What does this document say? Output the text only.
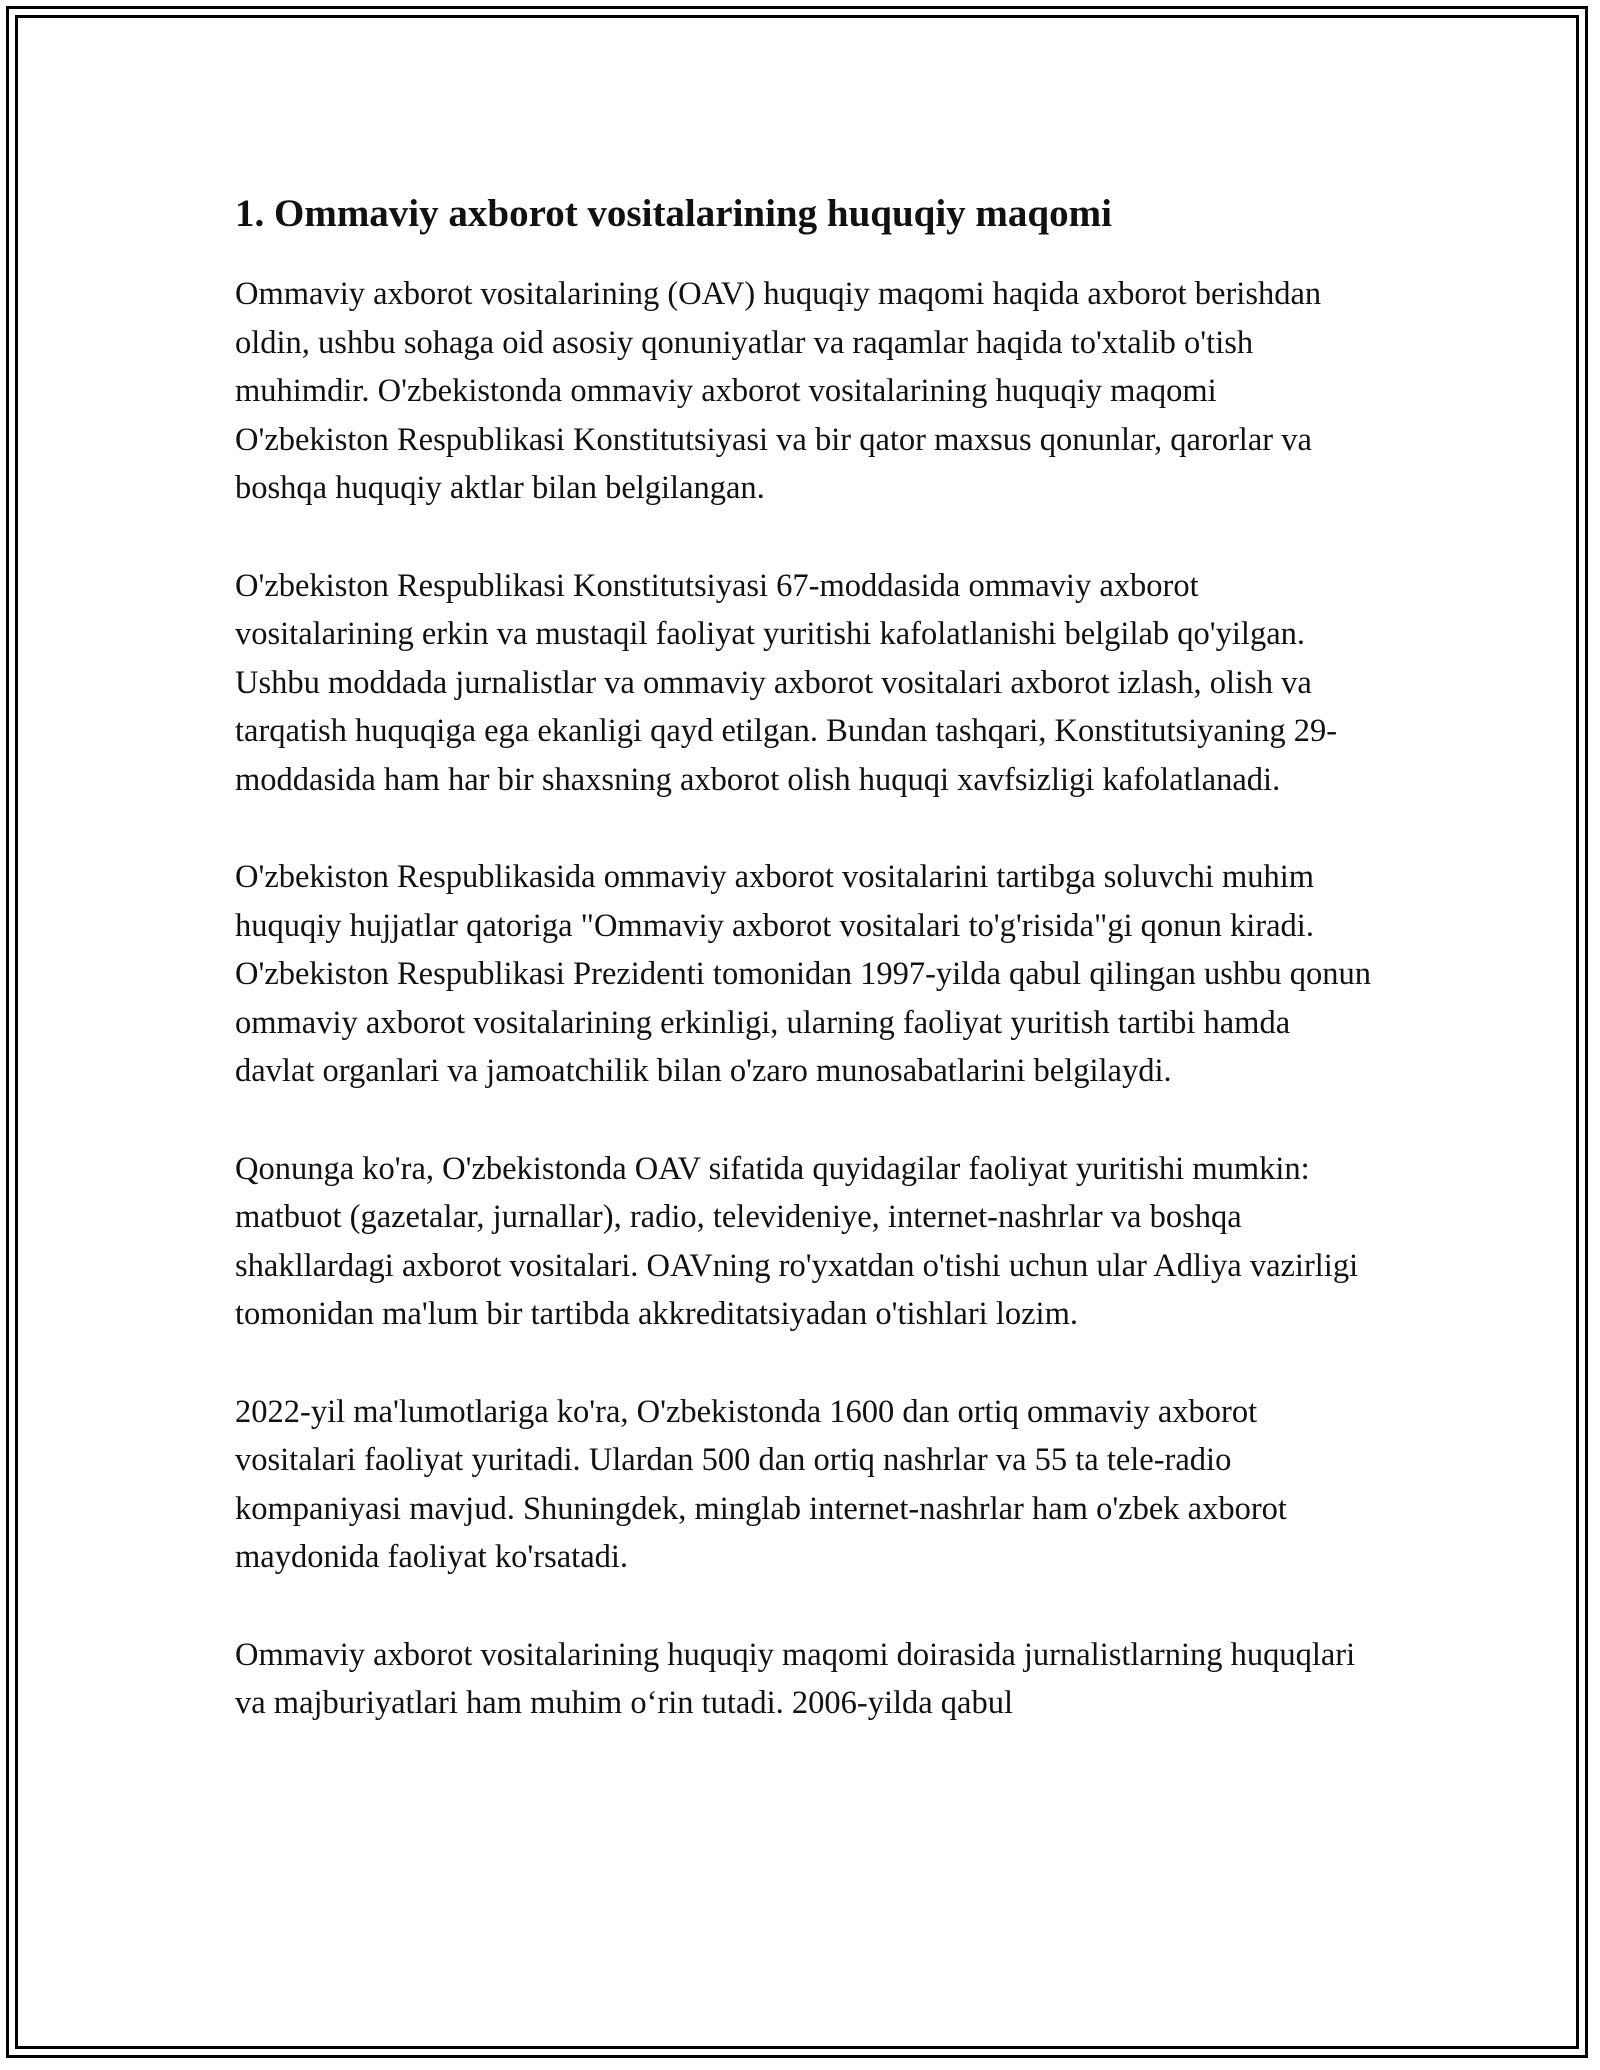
1. Ommaviy axborot vositalarining huquqiy maqomi

Ommaviy axborot vositalarining (OAV) huquqiy maqomi haqida axborot berishdan oldin, ushbu sohaga oid asosiy qonuniyatlar va raqamlar haqida to'xtalib o'tish muhimdir. O'zbekistonda ommaviy axborot vositalarining huquqiy maqomi O'zbekiston Respublikasi Konstitutsiyasi va bir qator maxsus qonunlar, qarorlar va boshqa huquqiy aktlar bilan belgilangan.

O'zbekiston Respublikasi Konstitutsiyasi 67-moddasida ommaviy axborot vositalarining erkin va mustaqil faoliyat yuritishi kafolatlanishi belgilab qo'yilgan. Ushbu moddada jurnalistlar va ommaviy axborot vositalari axborot izlash, olish va tarqatish huquqiga ega ekanligi qayd etilgan. Bundan tashqari, Konstitutsiyaning 29-moddasida ham har bir shaxsning axborot olish huquqi xavfsizligi kafolatlanadi.

O'zbekiston Respublikasida ommaviy axborot vositalarini tartibga soluvchi muhim huquqiy hujjatlar qatoriga "Ommaviy axborot vositalari to'g'risida"gi qonun kiradi. O'zbekiston Respublikasi Prezidenti tomonidan 1997-yilda qabul qilingan ushbu qonun ommaviy axborot vositalarining erkinligi, ularning faoliyat yuritish tartibi hamda davlat organlari va jamoatchilik bilan o'zaro munosabatlarini belgilaydi.

Qonunga ko'ra, O'zbekistonda OAV sifatida quyidagilar faoliyat yuritishi mumkin: matbuot (gazetalar, jurnallar), radio, televideniye, internet-nashrlar va boshqa shakllardagi axborot vositalari. OAVning ro'yxatdan o'tishi uchun ular Adliya vazirligi tomonidan ma'lum bir tartibda akkreditatsiyadan o'tishlari lozim.

2022-yil ma'lumotlariga ko'ra, O'zbekistonda 1600 dan ortiq ommaviy axborot vositalari faoliyat yuritadi. Ulardan 500 dan ortiq nashrlar va 55 ta tele-radio kompaniyasi mavjud. Shuningdek, minglab internet-nashrlar ham o'zbek axborot maydonida faoliyat ko'rsatadi.

Ommaviy axborot vositalarining huquqiy maqomi doirasida jurnalistlarning huquqlari va majburiyatlari ham muhim o‘rin tutadi. 2006-yilda qabul
